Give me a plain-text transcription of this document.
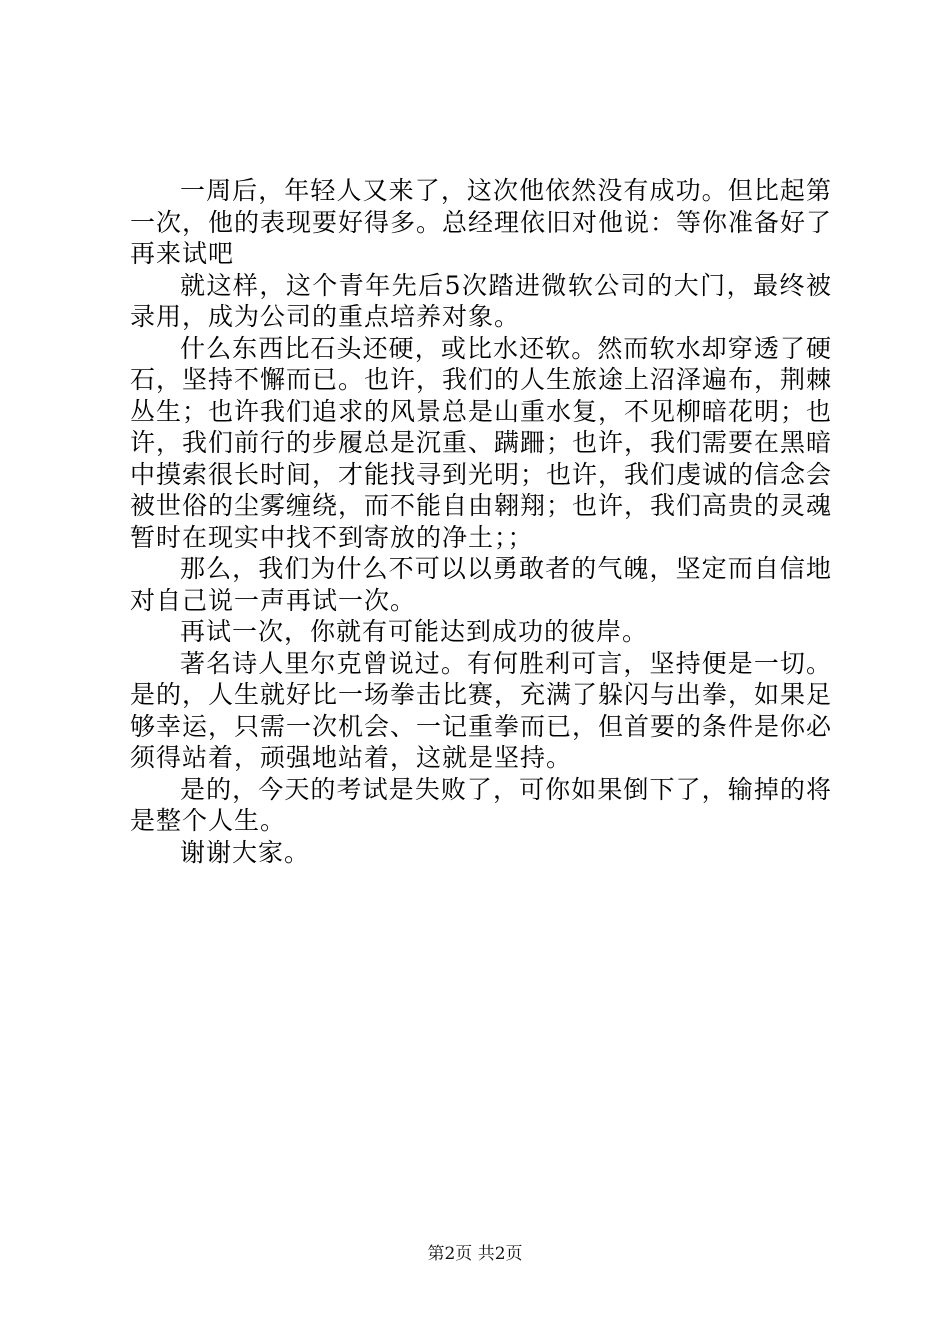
一周后，年轻人又来了，这次他依然没有成功。但比起第一次，他的表现要好得多。总经理依旧对他说：等你准备好了再来试吧

就这样，这个青年先后5次踏进微软公司的大门，最终被录用，成为公司的重点培养对象。

什么东西比石头还硬，或比水还软。然而软水却穿透了硬石，坚持不懈而已。也许，我们的人生旅途上沼泽遍布，荆棘丛生；也许我们追求的风景总是山重水复，不见柳暗花明；也许，我们前行的步履总是沉重、蹒跚；也许，我们需要在黑暗中摸索很长时间，才能找寻到光明；也许，我们虔诚的信念会被世俗的尘雾缠绕，而不能自由翱翔；也许，我们高贵的灵魂暂时在现实中找不到寄放的净土；；

那么，我们为什么不可以以勇敢者的气魄，坚定而自信地对自己说一声再试一次。

再试一次，你就有可能达到成功的彼岸。

著名诗人里尔克曾说过。有何胜利可言，坚持便是一切。是的，人生就好比一场拳击比赛，充满了躲闪与出拳，如果足够幸运，只需一次机会、一记重拳而已，但首要的条件是你必须得站着，顽强地站着，这就是坚持。

是的，今天的考试是失败了，可你如果倒下了，输掉的将是整个人生。

谢谢大家。

第2页 共2页
